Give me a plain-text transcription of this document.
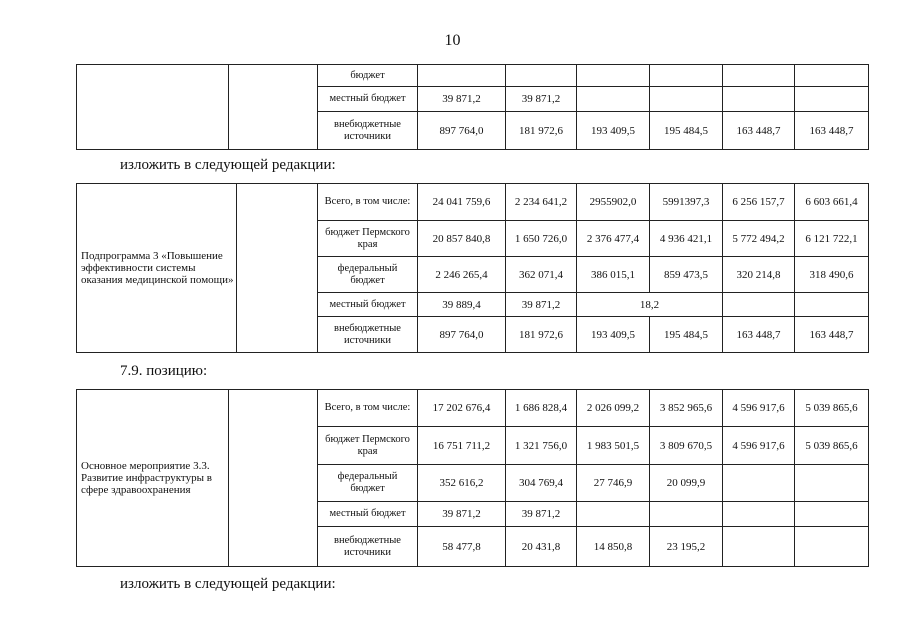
10
		бюджет						
		местный бюджет	39 871,2	39 871,2				
		внебюджетные источники	897 764,0	181 972,6	193 409,5	195 484,5	163 448,7	163 448,7
изложить в следующей редакции:
Подпрограмма 3 «Повышение эффективности системы оказания медицинской помощи»		Всего, в том числе:	24 041 759,6	2 234 641,2	2955902,0	5991397,3	6 256 157,7	6 603 661,4
		бюджет Пермского края	20 857 840,8	1 650 726,0	2 376 477,4	4 936 421,1	5 772 494,2	6 121 722,1
		федеральный бюджет	2 246 265,4	362 071,4	386 015,1	859 473,5	320 214,8	318 490,6
		местный бюджет	39 889,4	39 871,2	18,2			
		внебюджетные источники	897 764,0	181 972,6	193 409,5	195 484,5	163 448,7	163 448,7
7.9. позицию:
Основное мероприятие 3.3. Развитие инфраструктуры в сфере здравоохранения		Всего, в том числе:	17 202 676,4	1 686 828,4	2 026 099,2	3 852 965,6	4 596 917,6	5 039 865,6
		бюджет Пермского края	16 751 711,2	1 321 756,0	1 983 501,5	3 809 670,5	4 596 917,6	5 039 865,6
		федеральный бюджет	352 616,2	304 769,4	27 746,9	20 099,9		
		местный бюджет	39 871,2	39 871,2				
		внебюджетные источники	58 477,8	20 431,8	14 850,8	23 195,2		
изложить в следующей редакции:
